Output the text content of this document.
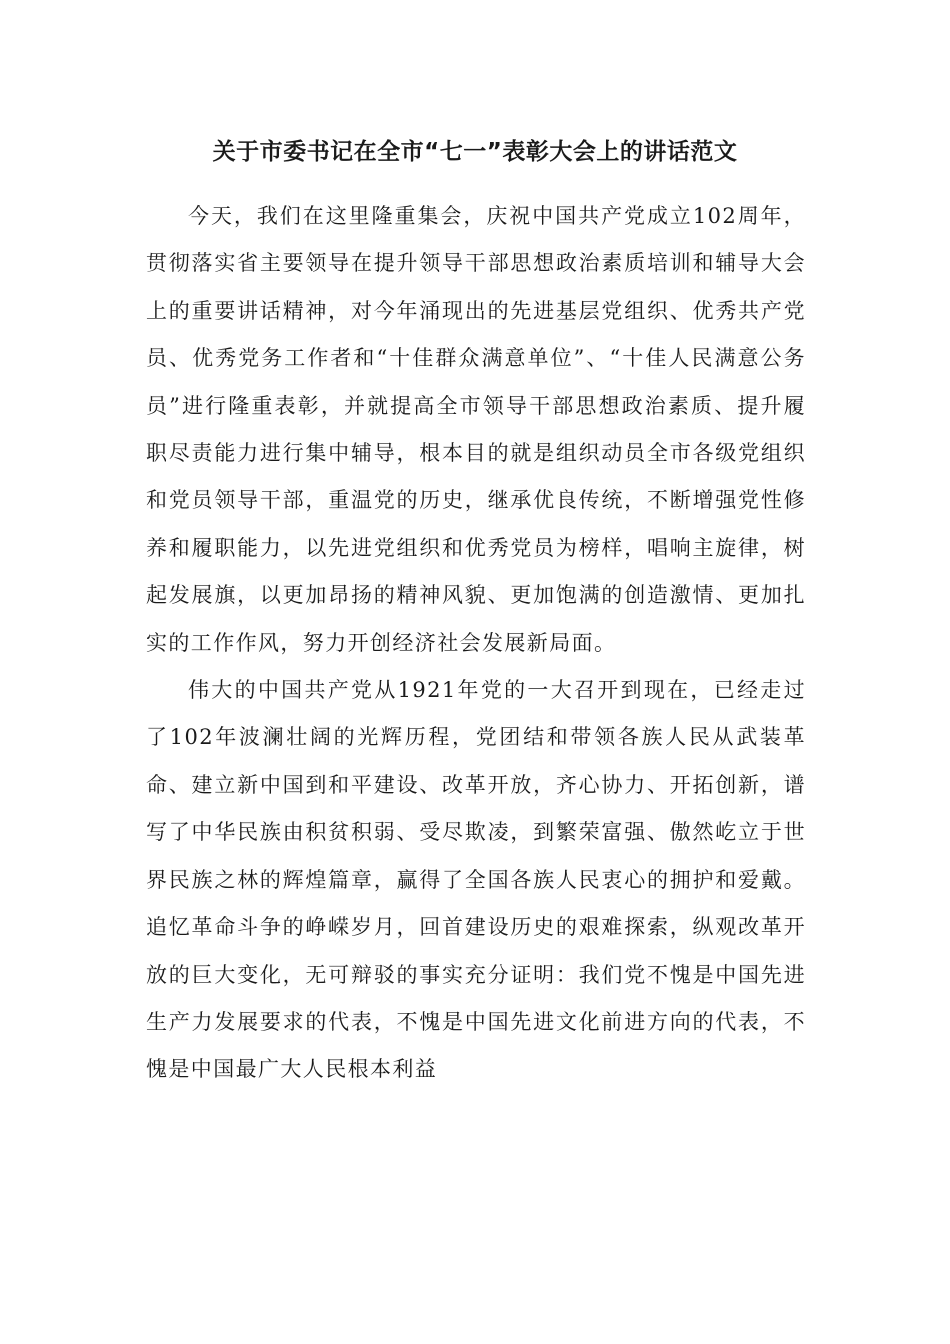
关于市委书记在全市“七一”表彰大会上的讲话范文

今天，我们在这里隆重集会，庆祝中国共产党成立102周年，贯彻落实省主要领导在提升领导干部思想政治素质培训和辅导大会上的重要讲话精神，对今年涌现出的先进基层党组织、优秀共产党员、优秀党务工作者和“十佳群众满意单位”、“十佳人民满意公务员”进行隆重表彰，并就提高全市领导干部思想政治素质、提升履职尽责能力进行集中辅导，根本目的就是组织动员全市各级党组织和党员领导干部，重温党的历史，继承优良传统，不断增强党性修养和履职能力，以先进党组织和优秀党员为榜样，唱响主旋律，树起发展旗，以更加昂扬的精神风貌、更加饱满的创造激情、更加扎实的工作作风，努力开创经济社会发展新局面。

伟大的中国共产党从1921年党的一大召开到现在，已经走过了102年波澜壮阔的光辉历程，党团结和带领各族人民从武装革命、建立新中国到和平建设、改革开放，齐心协力、开拓创新，谱写了中华民族由积贫积弱、受尽欺凌，到繁荣富强、傲然屹立于世界民族之林的辉煌篇章，赢得了全国各族人民衷心的拥护和爱戴。追忆革命斗争的峥嵘岁月，回首建设历史的艰难探索，纵观改革开放的巨大变化，无可辩驳的事实充分证明：我们党不愧是中国先进生产力发展要求的代表，不愧是中国先进文化前进方向的代表，不愧是中国最广大人民根本利益
